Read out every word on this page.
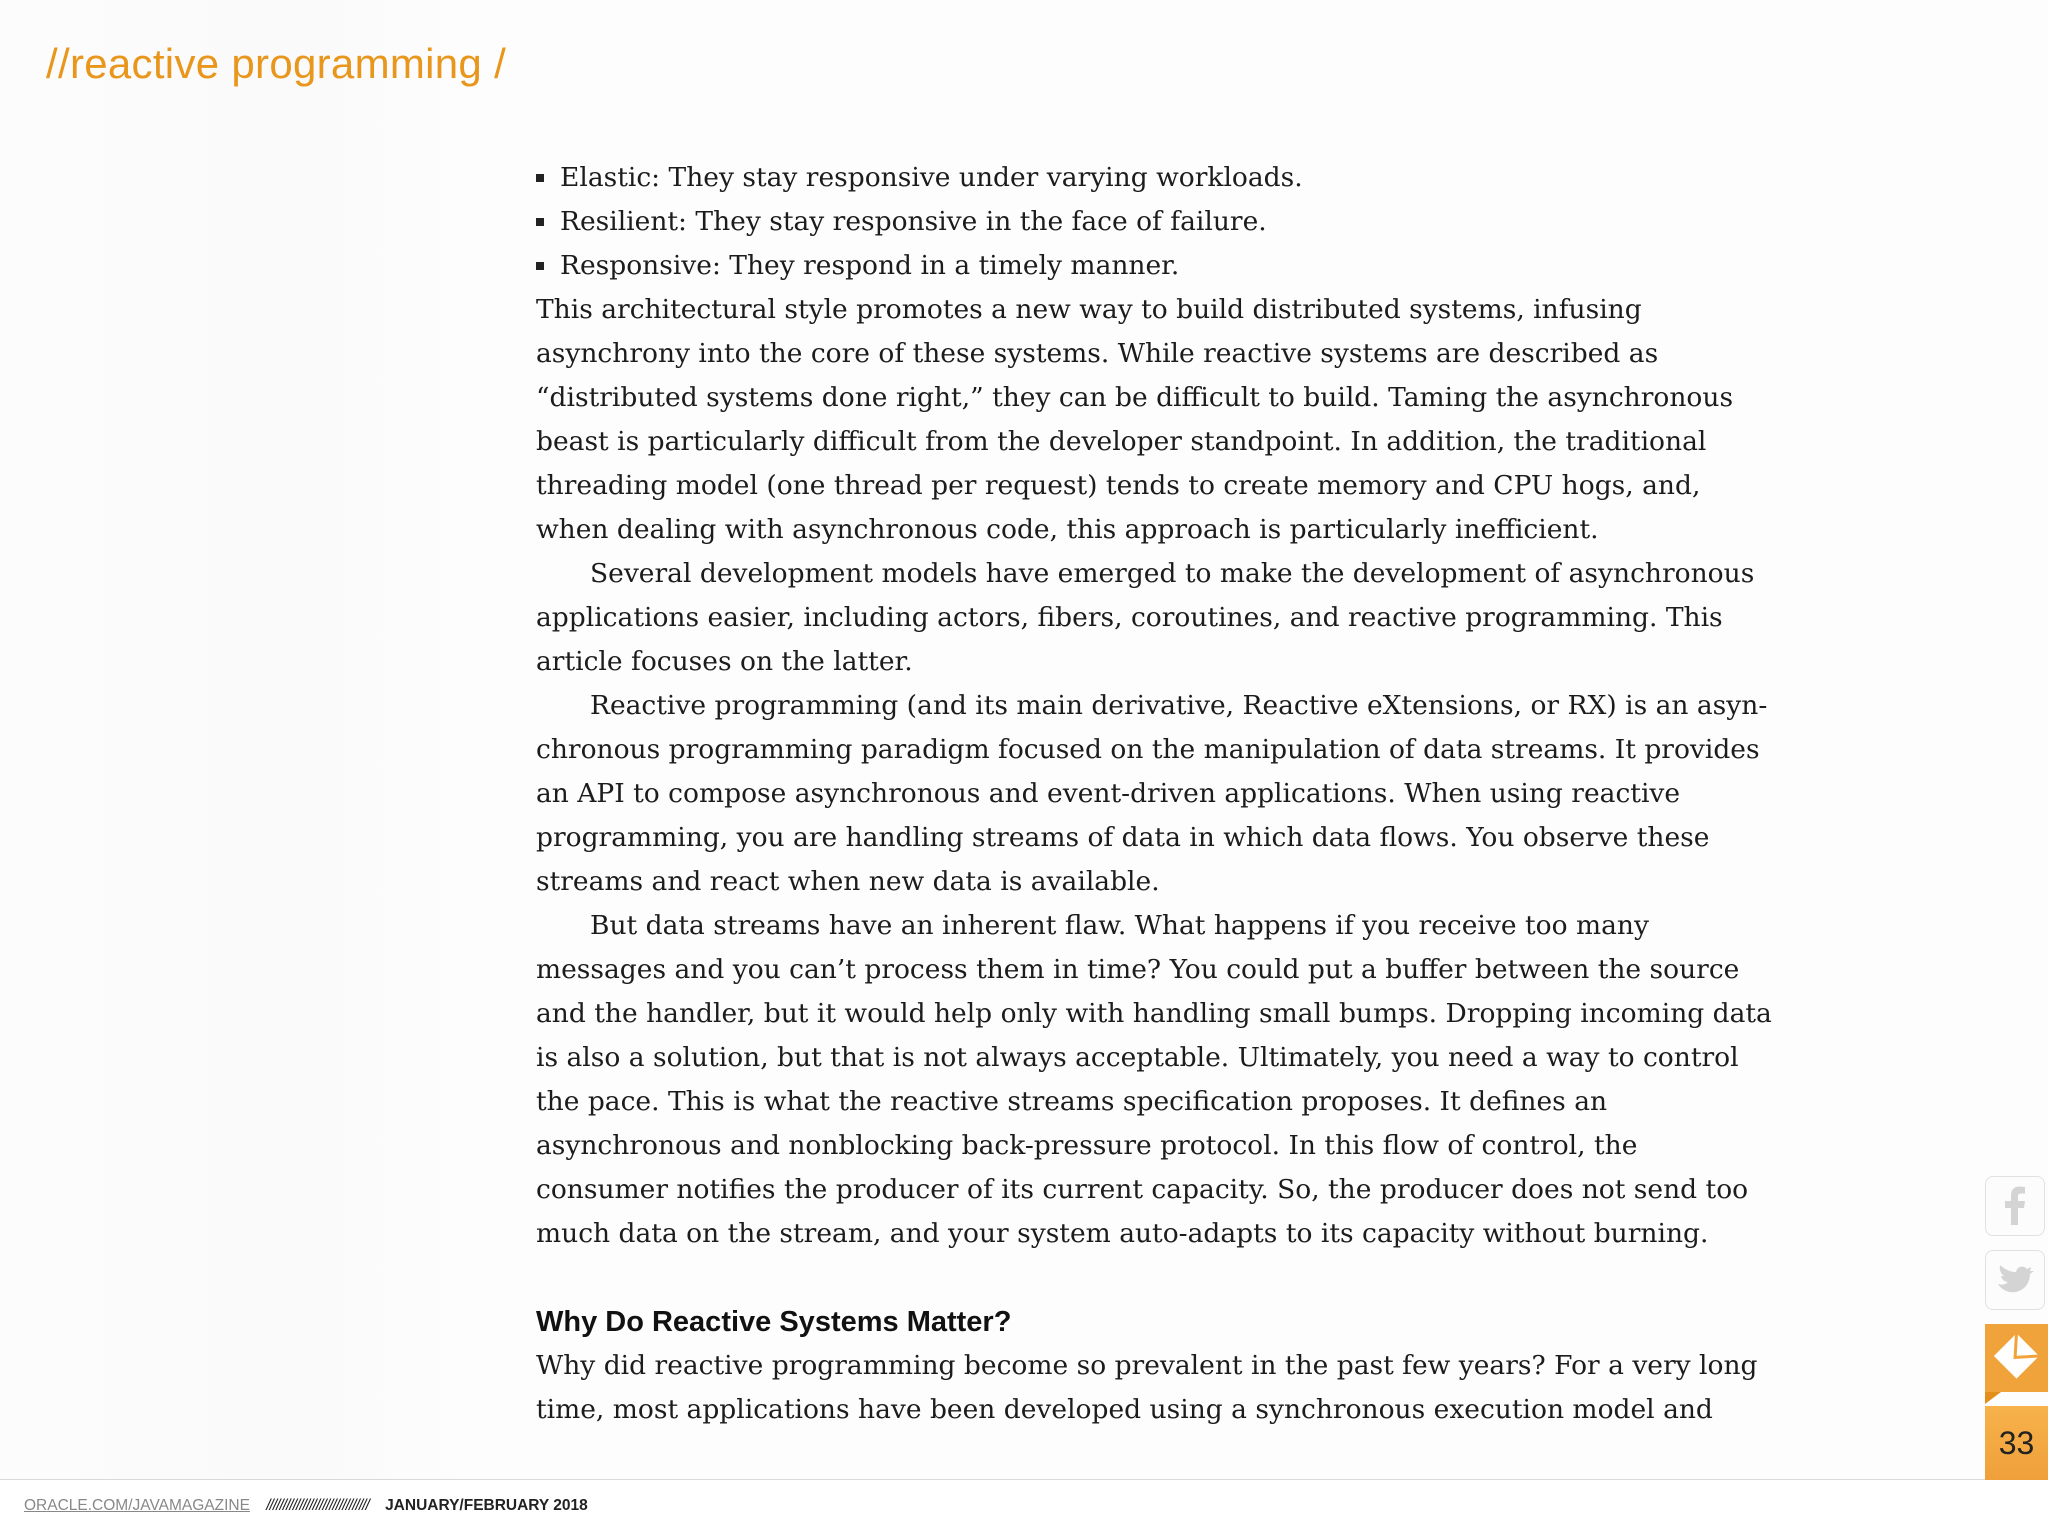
//reactive programming /
Elastic: They stay responsive under varying workloads.
Resilient: They stay responsive in the face of failure.
Responsive: They respond in a timely manner.

This architectural style promotes a new way to build distributed systems, infusing asynchrony into the core of these systems. While reactive systems are described as “distributed systems done right,” they can be difficult to build. Taming the asynchronous beast is particularly difficult from the developer standpoint. In addition, the traditional threading model (one thread per request) tends to create memory and CPU hogs, and, when dealing with asynchronous code, this approach is particularly inefficient.

Several development models have emerged to make the development of asynchronous applications easier, including actors, fibers, coroutines, and reactive programming. This article focuses on the latter.

Reactive programming (and its main derivative, Reactive eXtensions, or RX) is an asynchronous programming paradigm focused on the manipulation of data streams. It provides an API to compose asynchronous and event-driven applications. When using reactive programming, you are handling streams of data in which data flows. You observe these streams and react when new data is available.

But data streams have an inherent flaw. What happens if you receive too many messages and you can’t process them in time? You could put a buffer between the source and the handler, but it would help only with handling small bumps. Dropping incoming data is also a solution, but that is not always acceptable. Ultimately, you need a way to control the pace. This is what the reactive streams specification proposes. It defines an asynchronous and nonblocking back-pressure protocol. In this flow of control, the consumer notifies the producer of its current capacity. So, the producer does not send too much data on the stream, and your system auto-adapts to its capacity without burning.

Why Do Reactive Systems Matter?

Why did reactive programming become so prevalent in the past few years? For a very long time, most applications have been developed using a synchronous execution model and

ORACLE.COM/JAVAMAGAZINE /////////////////////////////// JANUARY/FEBRUARY 2018
33
